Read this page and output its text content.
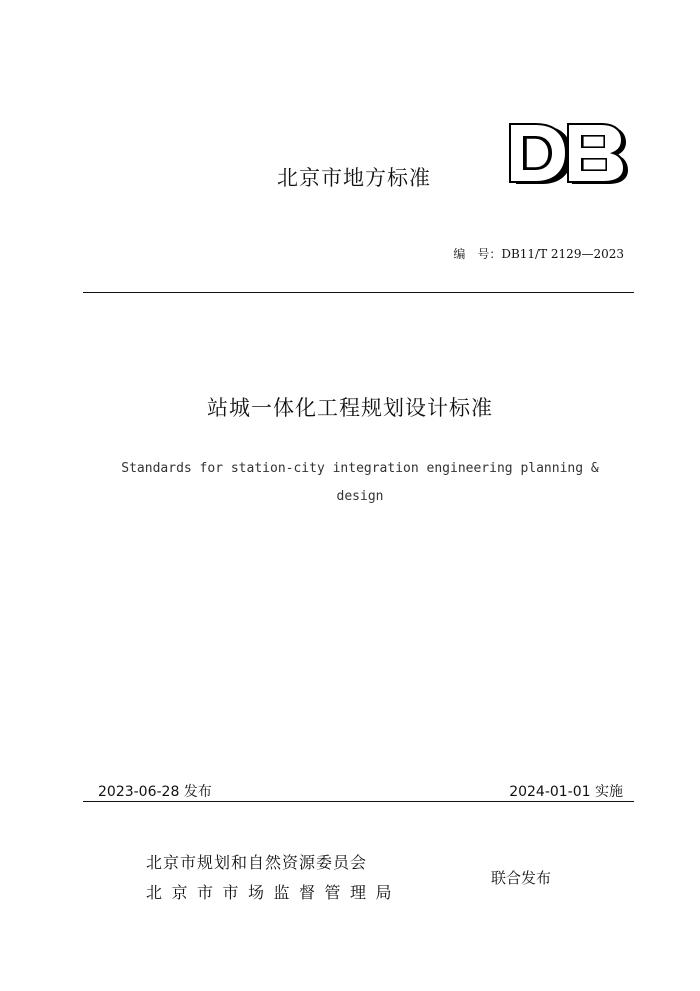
北京市地方标准
编　号：DB11/T 2129—2023
站城一体化工程规划设计标准
Standards for station-city integration engineering planning &
design
2023-06-28 发布	2024-01-01 实施
北京市规划和自然资源委员会
北京市市场监督管理局
联合发布
